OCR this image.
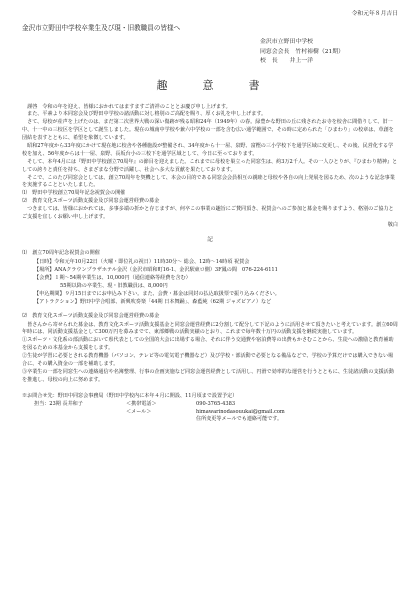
令和元年８月吉日
金沢市立野田中学校卒業生及び現・旧教職員の皆様へ
金沢市立野田中学校
同窓会会長　竹村裕樹（21期）
校　長　　井上一洋
趣　意　書

謹啓　令和の年を迎え、皆様におかれてはますますご清祥のこととお慶び申し上げます。

また、平素より本同窓会及び野田中学校の諸活動に対し格別のご高配を賜り、厚くお礼を申し上げます。

さて、母校が産声を上げたのは、まだ第二次世界大戦の深い傷跡が残る昭和24年（1949年）の春。緑豊かな野田の丘に残されたお寺を校舎に間借りして、旧一中、十一中の三校区を学区として誕生しました。現在の城南中学校や兼六中学校の一部を含む広い通学範囲で、その時に定められた「ひまわり」の校章は、草創を団結を表すとともに、希望を象徴しています。

昭和27年度から33年度にかけて現在地に校舎や各種施設が整備され、34年度から十一屋、泉野、富樫の三小学校下を通学区域に変更し、その後、民営化する学校を加え、56年度からは十一屋、泉野、長坂台小の三校下を通学区域として、今日に至っております。

そして、本年4月には『野田中学校創立70周年』の節目を迎えました。これまでに母校を巣立った同窓生は、約3万2千人。その一人ひとりが、『ひまわり精神』としての誇りと責任を持ち、さまざまな分野で活躍し、社会へ多大な貢献を果たしております。

そこで、このたび同窓会としては、創立70周年を契機として、本会の目的である同窓会会員相互の親睦と母校や各自の向上発展を図るため、次のような記念事業を実施することといたしました。

⑴　野田中学校創立70周年記念祝賀会の開催
⑵　教育文化スポーツ活動支援金及び同窓会運営経費の募金
つきましては、皆様におかれては、多事多端の折かと存じますが、何卒この事業の趣旨にご賛同頂き、祝賀会へのご参加と募金を賜りますよう、格別のご協力とご支援を宜しくお願い申し上げます。
敬白
記
⑴　創立70周年記念祝賀会の開催
【日時】令和元年10月22日（火曜・即位礼の祝日）11時30分～ 総会、12時～14時頃 祝賀会
【場所】ANAクラウンプラザホテル金沢（金沢市昭和町16-1、金沢駅東ロ側）3F鳳の間　076-224-6111
【会費】１期～54期卒業生は、10,000円（通信連絡等経費を含む）
55期以降の卒業生、現・旧教職員は、8,000円
【申込期間】９月15日までにお申込み下さい。また、会費・募金は同封の払込取扱票で振り込みください。
【アトラクション】野田中学合唱部、新興吹奏楽「44期 日本舞踊」、森藍純（62期 ジャズピアノ）など
⑵　教育文化スポーツ活動支援金及び同窓会運営経費の募金

皆さんから寄せられた募金は、教育文化スポーツ活動支援基金と同窓会運営経費に2分割して配分して下記のように活用させて頂きたいと考えています。創立60周年時には、同活動支援基金として300万円を募みまでて、東部郷戦の活動実績のとおり、これまで毎年数十万円の活動支援を継続実施しています。

①スポーツ・文化系の部活動において県代表としての全国的大会に出場する場合、それに伴う交通費や宿泊費等の出費もかさむことから、生徒への激励と教育補助を図るための本基金から支援をします。
②生徒が学習に必要とされる教育機器（パソコン、テレビ等の電気電子機器など）及び学校・部活動で必要となる備品などで、学校の予算だけでは購入できない場合に、その購入資金の一部を補助します。
③卒業生の一部を同窓生への連絡通信や名簿整理、行事の企画実施など同窓会運営経費として活用し、円滑で効率的な運営を行うとともに、生徒諸活動の支援活動を推進し、母校の向上に努めます。
※お問合せ先：野田中同窓会事務局（野田中学校内に本年４月に開設、11月頃まで設置予定）
担当：23期 長井和子	＜携帯電話＞	090-3765-4383
＜メール＞	himawarinodasouukai@gmail.com
住所変更等メールでも連絡可能です。
